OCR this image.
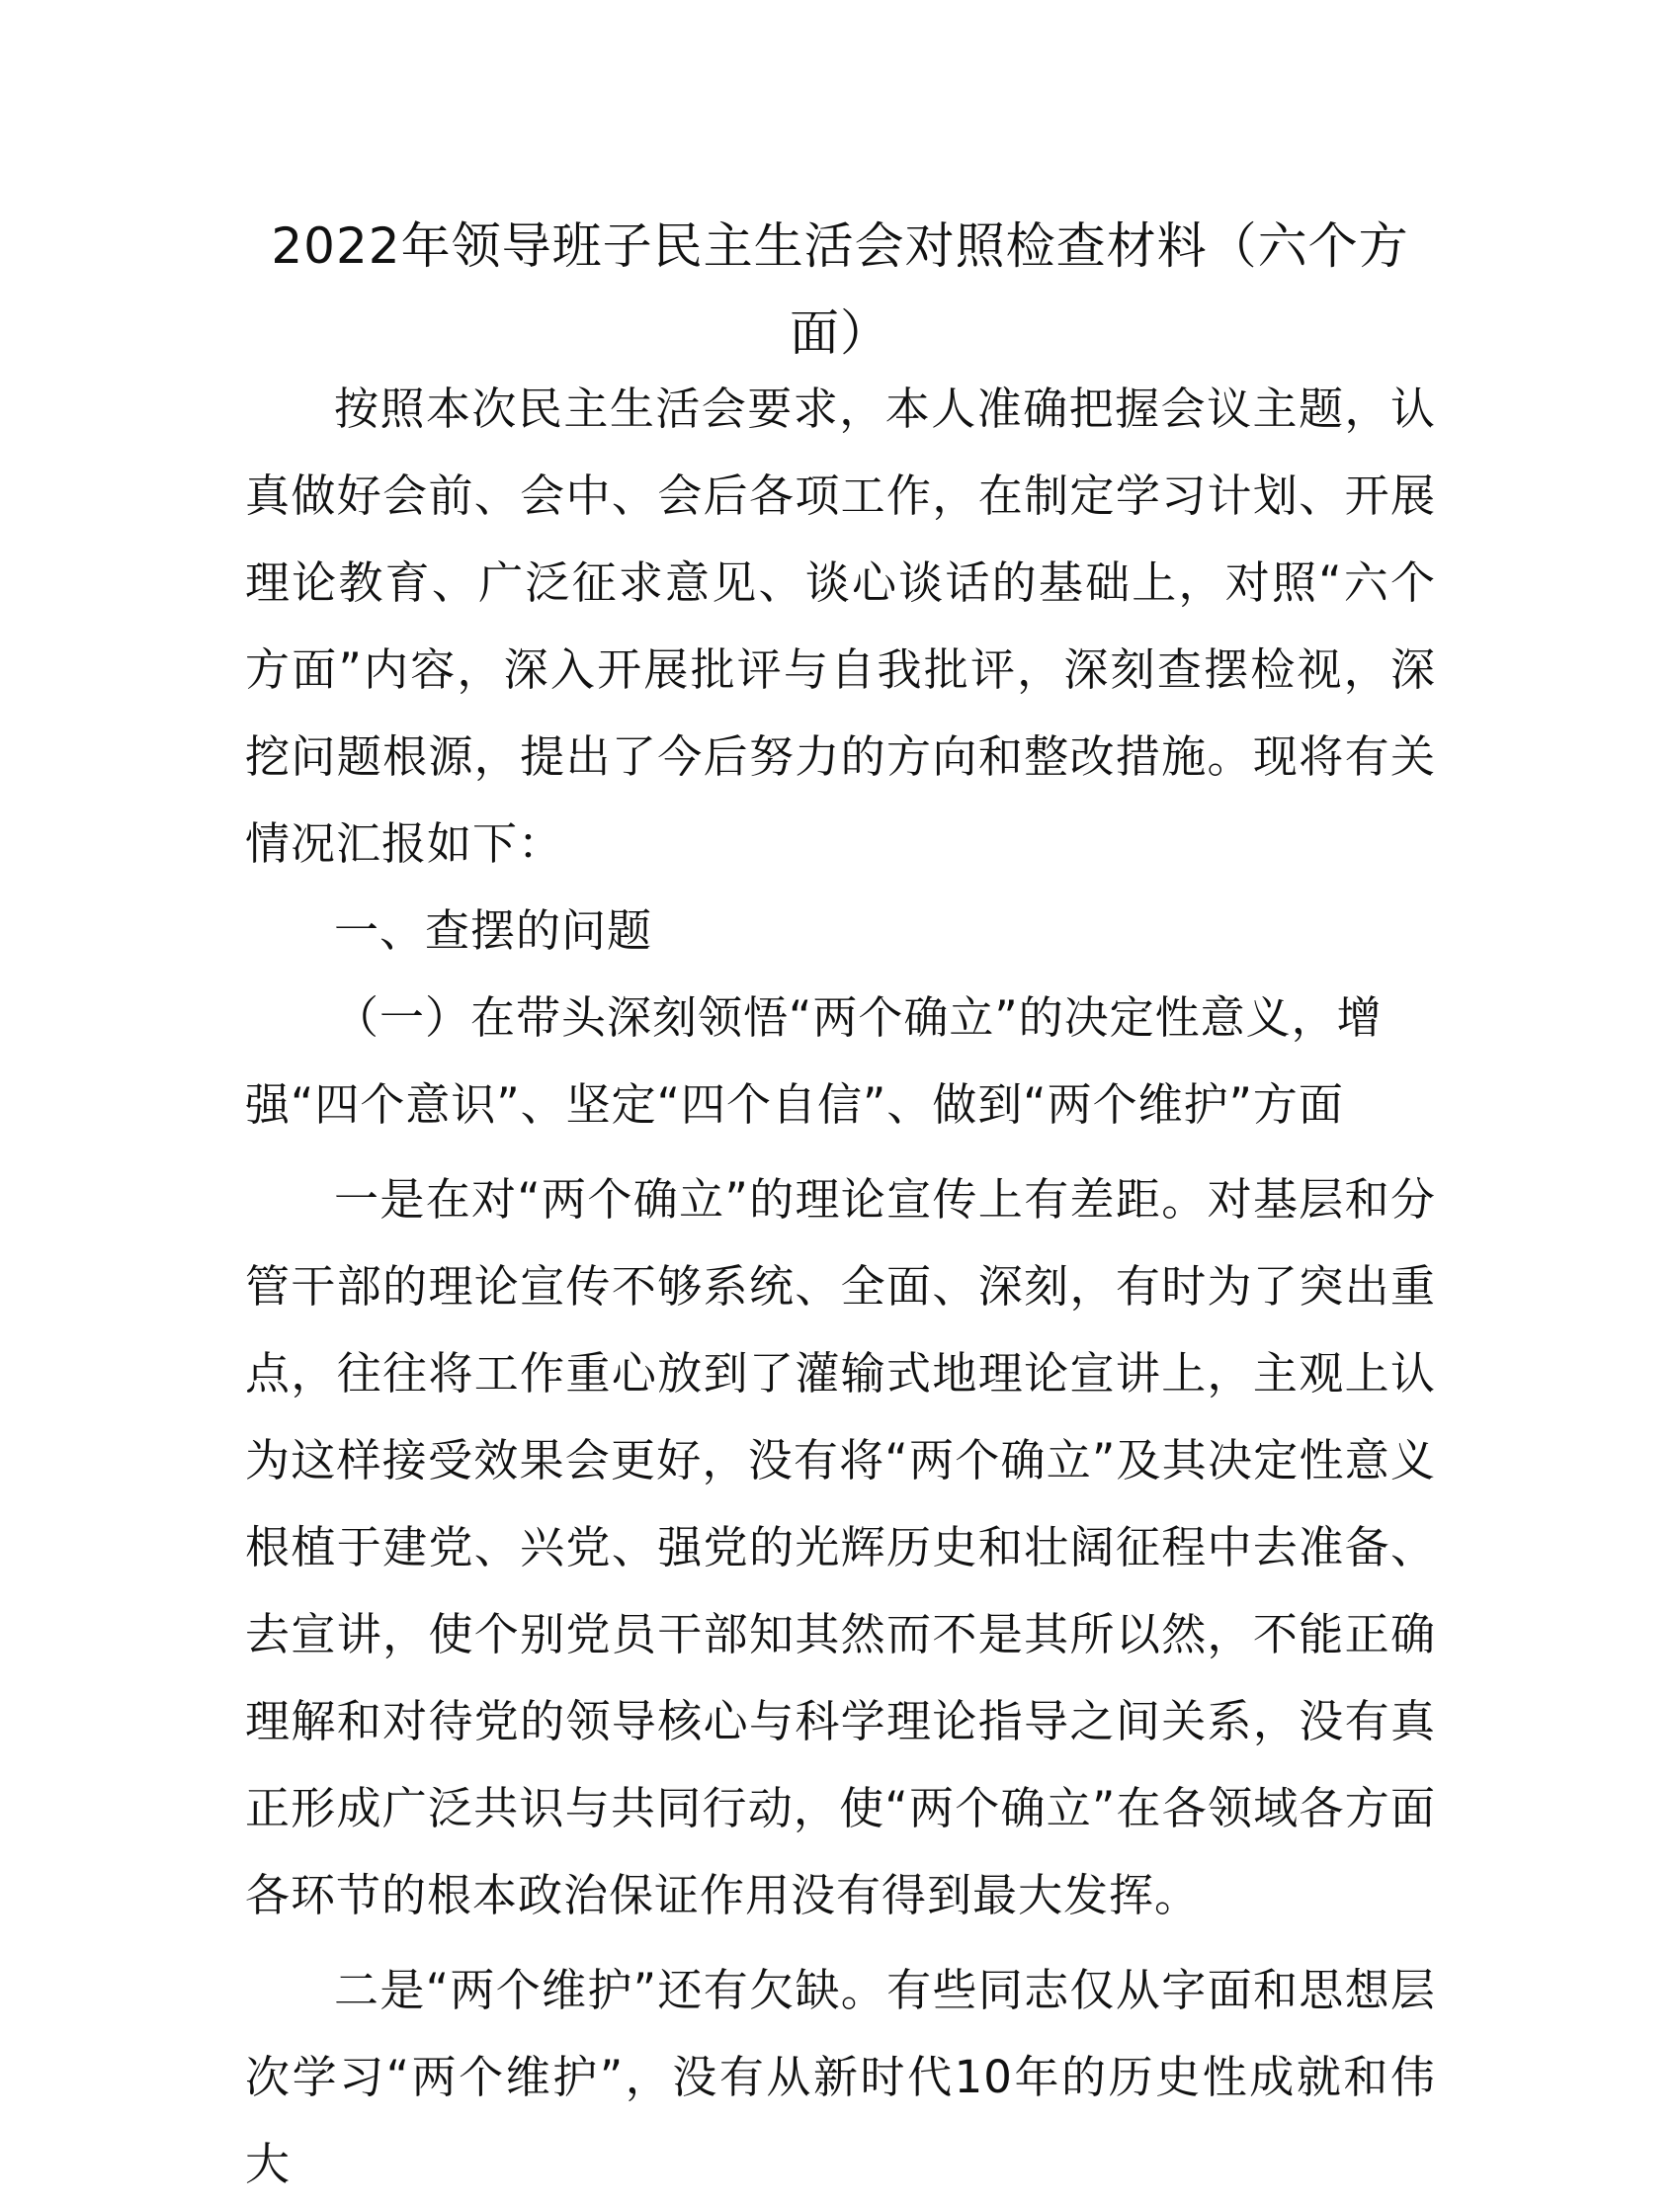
2022年领导班子民主生活会对照检查材料（六个方面）

按照本次民主生活会要求，本人准确把握会议主题，认真做好会前、会中、会后各项工作，在制定学习计划、开展理论教育、广泛征求意见、谈心谈话的基础上，对照“六个方面”内容，深入开展批评与自我批评，深刻查摆检视，深挖问题根源，提出了今后努力的方向和整改措施。现将有关情况汇报如下：

一、查摆的问题

（一）在带头深刻领悟“两个确立”的决定性意义，增强“四个意识”、坚定“四个自信”、做到“两个维护”方面

一是在对“两个确立”的理论宣传上有差距。对基层和分管干部的理论宣传不够系统、全面、深刻，有时为了突出重点，往往将工作重心放到了灌输式地理论宣讲上，主观上认为这样接受效果会更好，没有将“两个确立”及其决定性意义根植于建党、兴党、强党的光辉历史和壮阔征程中去准备、去宣讲，使个别党员干部知其然而不是其所以然，不能正确理解和对待党的领导核心与科学理论指导之间关系，没有真正形成广泛共识与共同行动，使“两个确立”在各领域各方面各环节的根本政治保证作用没有得到最大发挥。

二是“两个维护”还有欠缺。有些同志仅从字面和思想层次学习“两个维护”，没有从新时代10年的历史性成就和伟大
